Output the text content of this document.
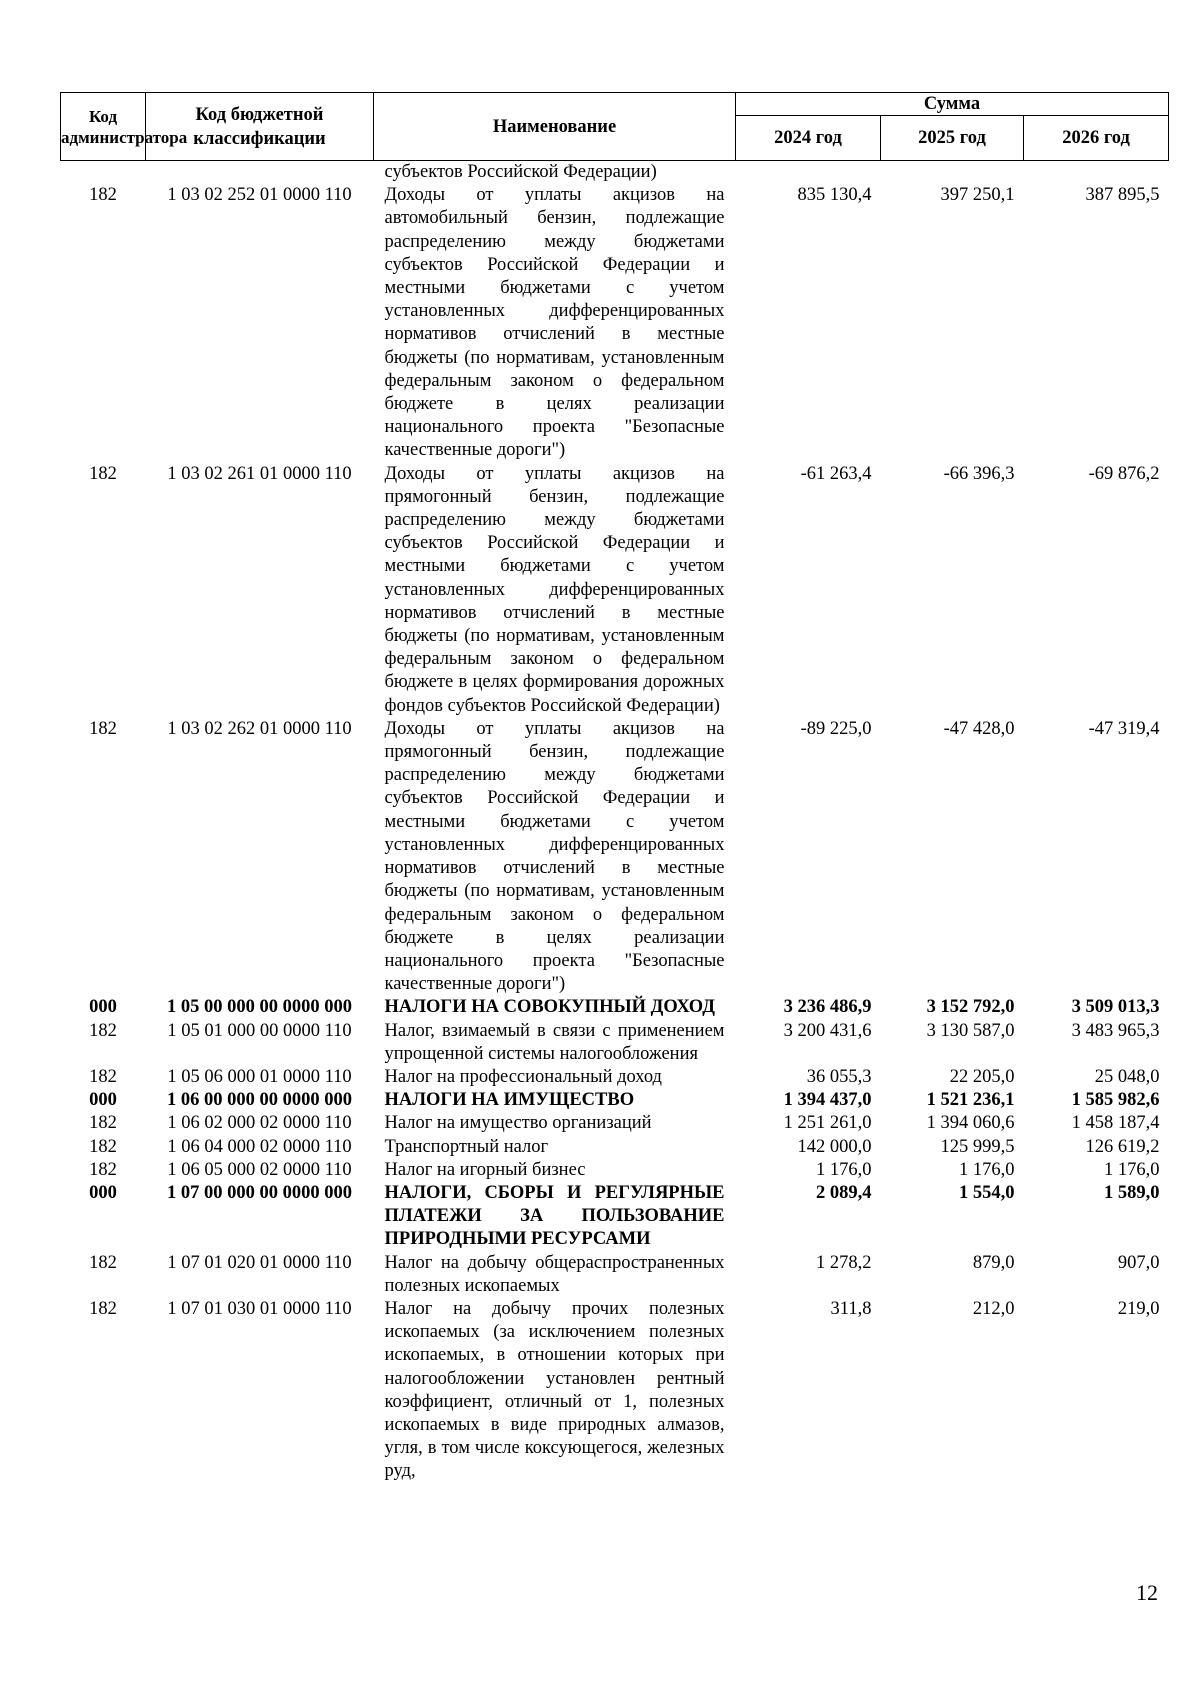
Код администратора	Код бюджетной классификации	Наименование	Сумма		
			2024 год	2025 год	2026 год
		субъектов Российской Федерации)			
182	1 03 02 252 01 0000 110	Доходы от уплаты акцизов на автомобильный бензин, подлежащие распределению между бюджетами субъектов Российской Федерации и местными бюджетами с учетом установленных дифференцированных нормативов отчислений в местные бюджеты (по нормативам, установленным федеральным законом о федеральном бюджете в целях реализации национального проекта "Безопасные качественные дороги")	835 130,4	397 250,1	387 895,5
182	1 03 02 261 01 0000 110	Доходы от уплаты акцизов на прямогонный бензин, подлежащие распределению между бюджетами субъектов Российской Федерации и местными бюджетами с учетом установленных дифференцированных нормативов отчислений в местные бюджеты (по нормативам, установленным федеральным законом о федеральном бюджете в целях формирования дорожных фондов субъектов Российской Федерации)	-61 263,4	-66 396,3	-69 876,2
182	1 03 02 262 01 0000 110	Доходы от уплаты акцизов на прямогонный бензин, подлежащие распределению между бюджетами субъектов Российской Федерации и местными бюджетами с учетом установленных дифференцированных нормативов отчислений в местные бюджеты (по нормативам, установленным федеральным законом о федеральном бюджете в целях реализации национального проекта "Безопасные качественные дороги")	-89 225,0	-47 428,0	-47 319,4
000	1 05 00 000 00 0000 000	НАЛОГИ НА СОВОКУПНЫЙ ДОХОД	3 236 486,9	3 152 792,0	3 509 013,3
182	1 05 01 000 00 0000 110	Налог, взимаемый в связи с применением упрощенной системы налогообложения	3 200 431,6	3 130 587,0	3 483 965,3
182	1 05 06 000 01 0000 110	Налог на профессиональный доход	36 055,3	22 205,0	25 048,0
000	1 06 00 000 00 0000 000	НАЛОГИ НА ИМУЩЕСТВО	1 394 437,0	1 521 236,1	1 585 982,6
182	1 06 02 000 02 0000 110	Налог на имущество организаций	1 251 261,0	1 394 060,6	1 458 187,4
182	1 06 04 000 02 0000 110	Транспортный налог	142 000,0	125 999,5	126 619,2
182	1 06 05 000 02 0000 110	Налог на игорный бизнес	1 176,0	1 176,0	1 176,0
000	1 07 00 000 00 0000 000	НАЛОГИ, СБОРЫ И РЕГУЛЯРНЫЕ ПЛАТЕЖИ ЗА ПОЛЬЗОВАНИЕ ПРИРОДНЫМИ РЕСУРСАМИ	2 089,4	1 554,0	1 589,0
182	1 07 01 020 01 0000 110	Налог на добычу общераспространенных полезных ископаемых	1 278,2	879,0	907,0
182	1 07 01 030 01 0000 110	Налог на добычу прочих полезных ископаемых (за исключением полезных ископаемых, в отношении которых при налогообложении установлен рентный коэффициент, отличный от 1, полезных ископаемых в виде природных алмазов, угля, в том числе коксующегося, железных руд,	311,8	212,0	219,0
12
